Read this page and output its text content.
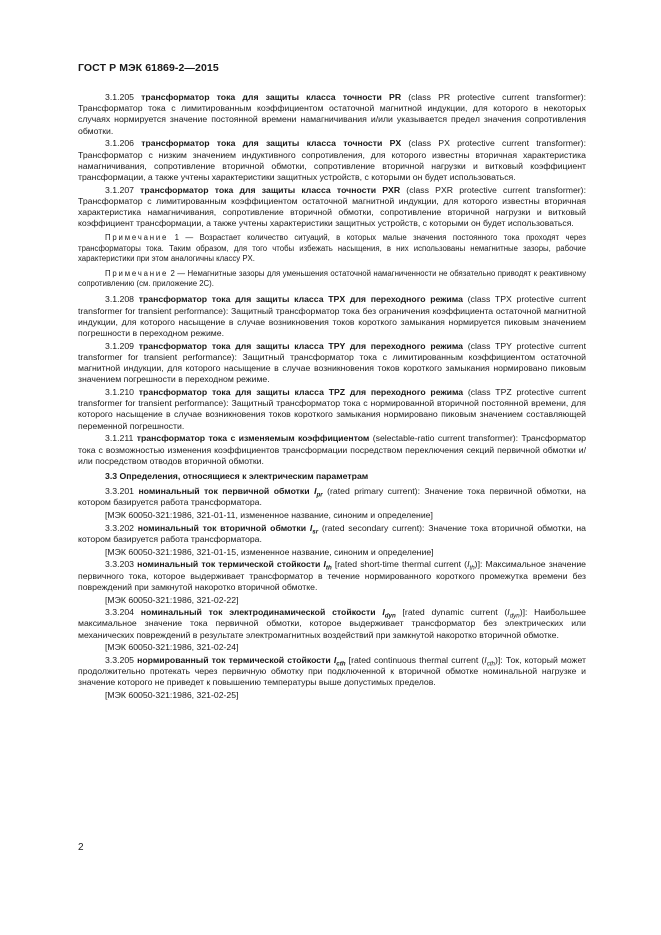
ГОСТ Р МЭК 61869-2—2015

3.1.205 трансформатор тока для защиты класса точности PR (class PR protective current transformer): Трансформатор тока с лимитированным коэффициентом остаточной магнитной индукции, для которого в некоторых случаях нормируется значение постоянной времени намагничивания и/или указывается предел значения сопротивления обмотки.

3.1.206 трансформатор тока для защиты класса точности PX (class PX protective current transformer): Трансформатор с низким значением индуктивного сопротивления, для которого известны вторичная характеристика намагничивания, сопротивление вторичной обмотки, сопротивление вторичной нагрузки и витковый коэффициент трансформации, а также учтены характеристики защитных устройств, с которыми он будет использоваться.

3.1.207 трансформатор тока для защиты класса точности PXR (class PXR protective current transformer): Трансформатор с лимитированным коэффициентом остаточной магнитной индукции, для которого известны вторичная характеристика намагничивания, сопротивление вторичной обмотки, сопротивление вторичной нагрузки и витковый коэффициент трансформации, а также учтены характеристики защитных устройств, с которыми он будет использоваться.

Примечание 1 — Возрастает количество ситуаций, в которых малые значения постоянного тока проходят через трансформаторы тока. Таким образом, для того чтобы избежать насыщения, в них использованы немагнитные зазоры, рабочие характеристики при этом аналогичны классу PX.

Примечание 2 — Немагнитные зазоры для уменьшения остаточной намагниченности не обязательно приводят к реактивному сопротивлению (см. приложение 2С).

3.1.208 трансформатор тока для защиты класса TPX для переходного режима (class TPX protective current transformer for transient performance): Защитный трансформатор тока без ограничения коэффициента остаточной магнитной индукции, для которого насыщение в случае возникновения токов короткого замыкания нормируется пиковым значением погрешности в переходном режиме.

3.1.209 трансформатор тока для защиты класса TPY для переходного режима (class TPY protective current transformer for transient performance): Защитный трансформатор тока с лимитированным коэффициентом остаточной магнитной индукции, для которого насыщение в случае возникновения токов короткого замыкания нормировано пиковым значением погрешности в переходном режиме.

3.1.210 трансформатор тока для защиты класса TPZ для переходного режима (class TPZ protective current transformer for transient performance): Защитный трансформатор тока с нормированной вторичной постоянной времени, для которого насыщение в случае возникновения токов короткого замыкания нормировано пиковым значением составляющей переменной погрешности.

3.1.211 трансформатор тока с изменяемым коэффициентом (selectable-ratio current transformer): Трансформатор тока с возможностью изменения коэффициентов трансформации посредством переключения секций первичной обмотки и/или посредством отводов вторичной обмотки.

3.3 Определения, относящиеся к электрическим параметрам

3.3.201 номинальный ток первичной обмотки $I_{pr}$ (rated primary current): Значение тока первичной обмотки, на котором базируется работа трансформатора.

[МЭК 60050-321:1986, 321-01-11, измененное название, синоним и определение]

3.3.202 номинальный ток вторичной обмотки $I_{sr}$ (rated secondary current): Значение тока вторичной обмотки, на котором базируется работа трансформатора.

[МЭК 60050-321:1986, 321-01-15, измененное название, синоним и определение]

3.3.203 номинальный ток термической стойкости $I_{th}$ [rated short-time thermal current $(I_{th})$]: Максимальное значение первичного тока, которое выдерживает трансформатор в течение нормированного короткого промежутка времени без повреждений при замкнутой накоротко вторичной обмотке.

[МЭК 60050-321:1986, 321-02-22]

3.3.204 номинальный ток электродинамической стойкости $I_{dyn}$ [rated dynamic current $(I_{dyn})$]: Наибольшее максимальное значение тока первичной обмотки, которое выдерживает трансформатор без электрических или механических повреждений в результате электромагнитных воздействий при замкнутой накоротко вторичной обмотке.

[МЭК 60050-321:1986, 321-02-24]

3.3.205 нормированный ток термической стойкости $I_{cth}$ [rated continuous thermal current $(I_{cth})$]: Ток, который может продолжительно протекать через первичную обмотку при подключенной к вторичной обмотке номинальной нагрузке и значение которого не приведет к повышению температуры выше допустимых пределов.

[МЭК 60050-321:1986, 321-02-25]

2
